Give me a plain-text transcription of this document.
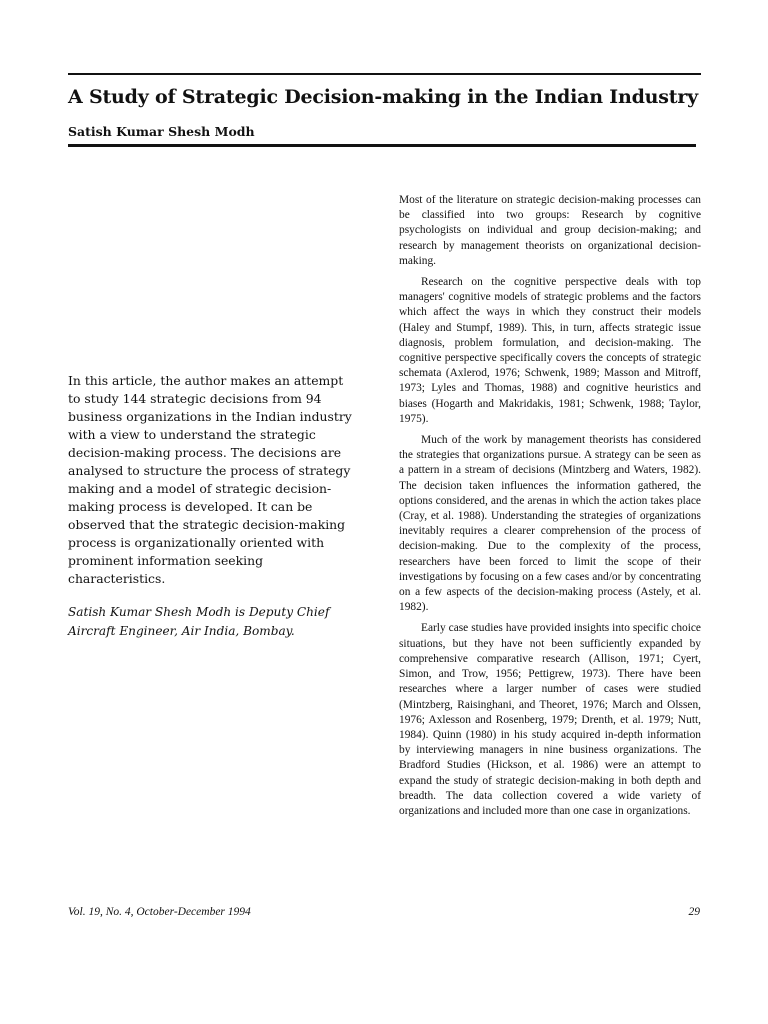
A Study of Strategic Decision-making in the Indian Industry
Satish Kumar Shesh Modh

In this article, the author makes an attempt to study 144 strategic decisions from 94 business organizations in the Indian industry with a view to understand the strategic decision-making process. The decisions are analysed to structure the process of strategy making and a model of strategic decision-making process is developed. It can be observed that the strategic decision-making process is organizationally oriented with prominent information seeking characteristics.

Satish Kumar Shesh Modh is Deputy Chief Aircraft Engineer, Air India, Bombay.

Most of the literature on strategic decision-making processes can be classified into two groups: Research by cognitive psychologists on individual and group decision-making; and research by management theorists on organizational decision-making.

Research on the cognitive perspective deals with top managers' cognitive models of strategic problems and the factors which affect the ways in which they construct their models (Haley and Stumpf, 1989). This, in turn, affects strategic issue diagnosis, problem formulation, and decision-making. The cognitive perspective specifically covers the concepts of strategic schemata (Axlerod, 1976; Schwenk, 1989; Masson and Mitroff, 1973; Lyles and Thomas, 1988) and cognitive heuristics and biases (Hogarth and Makridakis, 1981; Schwenk, 1988; Taylor, 1975).

Much of the work by management theorists has considered the strategies that organizations pursue. A strategy can be seen as a pattern in a stream of decisions (Mintzberg and Waters, 1982). The decision taken influences the information gathered, the options considered, and the arenas in which the action takes place (Cray, et al. 1988). Understanding the strategies of organizations inevitably requires a clearer comprehension of the process of decision-making. Due to the complexity of the process, researchers have been forced to limit the scope of their investigations by focusing on a few cases and/or by concentrating on a few aspects of the decision-making process (Astely, et al. 1982).

Early case studies have provided insights into specific choice situations, but they have not been sufficiently expanded by comprehensive comparative research (Allison, 1971; Cyert, Simon, and Trow, 1956; Pettigrew, 1973). There have been researches where a larger number of cases were studied (Mintzberg, Raisinghani, and Theoret, 1976; March and Olssen, 1976; Axlesson and Rosenberg, 1979; Drenth, et al. 1979; Nutt, 1984). Quinn (1980) in his study acquired in-depth information by interviewing managers in nine business organizations. The Bradford Studies (Hickson, et al. 1986) were an attempt to expand the study of strategic decision-making in both depth and breadth. The data collection covered a wide variety of organizations and included more than one case in organizations.

Vol. 19, No. 4, October-December 1994	29
